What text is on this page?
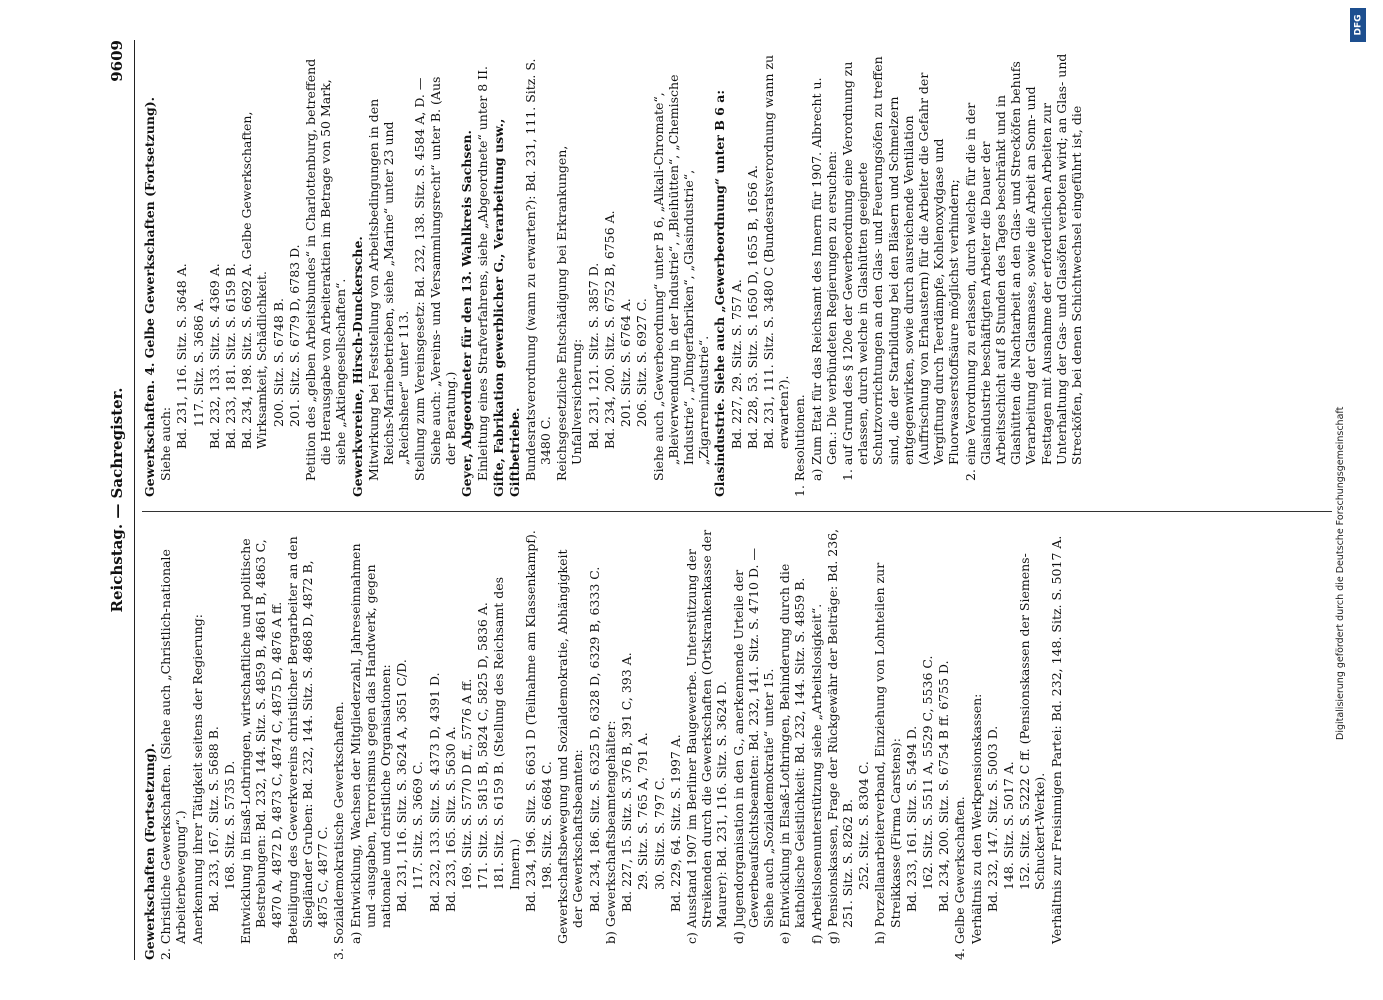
Reichstag. — Sachregister.
9609
Gewerkschaften (Fortsetzung). 2. Christliche Gewerkschaften. (Siehe auch „Christlich-nationale Arbeiterbewegung“.) Anerkennung ihrer Tätigkeit seitens der Regierung: Bd. 233, 167. Sitz. S. 5688 B. 168. Sitz. S. 5735 D. Entwicklung in Elsaß-Lothringen, wirtschaftliche und politische Bestrebungen: Bd. 232, 144. Sitz. S. 4859 B, 4861 B, 4863 C, 4870 A, 4872 D, 4873 C, 4874 C, 4875 D, 4876 A ff. Beteiligung des Gewerkvereins christlicher Bergarbeiter an den Siegländer Gruben: Bd. 232, 144. Sitz. S. 4868 D, 4872 B, 4875 C, 4877 C. 3. Sozialdemokratische Gewerkschaften. a) Entwicklung, Wachsen der Mitgliederzahl, Jahreseinnahmen und -ausgaben, Terrorismus gegen das Handwerk, gegen nationale und christliche Organisationen: Bd. 231, 116. Sitz. S. 3624 A, 3651 C/D. 117. Sitz. S. 3669 C. Bd. 232, 133. Sitz. S. 4373 D, 4391 D. Bd. 233, 165. Sitz. S. 5630 A. 169. Sitz. S. 5770 D ff., 5776 A ff. 171. Sitz. S. 5815 B, 5824 C, 5825 D, 5836 A. 181. Sitz. S. 6159 B. (Stellung des Reichsamt des Innern.) Bd. 234, 196. Sitz. S. 6631 D (Teilnahme am Klassenkampf). 198. Sitz. S. 6684 C. Gewerkschaftsbewegung und Sozialdemokratie, Abhängigkeit der Gewerkschaftsbeamten: Bd. 234, 186. Sitz. S. 6325 D, 6328 D, 6329 B, 6333 C. b) Gewerkschaftsbeamtengehälter: Bd. 227, 15. Sitz. S. 376 B, 391 C, 393 A. 29. Sitz. S. 765 A, 791 A. 30. Sitz. S. 797 C. Bd. 229, 64. Sitz. S. 1997 A. c) Ausstand 1907 im Berliner Baugewerbe. Unterstützung der Streikenden durch die Gewerkschaften (Ortskrankenkasse der Maurer): Bd. 231, 116. Sitz. S. 3624 D. d) Jugendorganisation in den G., anerkennende Urteile der Gewerbeaufsichtsbeamten: Bd. 232, 141. Sitz. S. 4710 D. — Siehe auch „Sozialdemokratie“ unter 15. e) Entwicklung in Elsaß-Lothringen, Behinderung durch die katholische Geistlichkeit: Bd. 232, 144. Sitz. S. 4859 B. f) Arbeitslosenunterstützung siehe „Arbeitslosigkeit“. g) Pensionskassen, Frage der Rückgewähr der Beiträge: Bd. 236, 251. Sitz. S. 8262 B. 252. Sitz. S. 8304 C. h) Porzellanarbeiterverband, Einziehung von Lohnteilen zur Streikkasse (Firma Carstens): Bd. 233, 161. Sitz. S. 5494 D. 162. Sitz. S. 5511 A, 5529 C, 5536 C. Bd. 234, 200. Sitz. S. 6754 B ff. 6755 D. 4. Gelbe Gewerkschaften. Verhältnis zu den Werkpensionskassen: Bd. 232, 147. Sitz. S. 5003 D. 148. Sitz. S. 5017 A. 152. Sitz. S. 5222 C ff. (Pensionskassen der Siemens-Schuckert-Werke). Verhältnis zur Freisinnigen Partei: Bd. 232, 148. Sitz. S. 5017 A.
Gewerkschaften. 4. Gelbe Gewerkschaften (Fortsetzung). Siehe auch: Bd. 231, 116. Sitz. S. 3648 A. 117. Sitz. S. 3686 A. Bd. 232, 133. Sitz. S. 4369 A. Bd. 233, 181. Sitz. S. 6159 B. Bd. 234, 198. Sitz. S. 6692 A. Gelbe Gewerkschaften, Wirksamkeit, Schädlichkeit. 200. Sitz. S. 6748 B. 201. Sitz. S. 6779 D, 6783 D. Petition des „gelben Arbeitsbundes“ in Charlottenburg, betreffend die Herausgabe von Arbeiteraktien im Betrage von 50 Mark, siehe „Aktiengesellschaften“. Gewerkvereine, Hirsch-Dunckersche. Mitwirkung bei Feststellung von Arbeitsbedingungen in den Reichs-Marinebetrieben, siehe „Marine“ unter 23 und „Reichsheer“ unter 113. Stellung zum Vereinsgesetz: Bd. 232, 138. Sitz. S. 4584 A, D. — Siehe auch: „Vereins- und Versammlungsrecht“ unter B. (Aus der Beratung.) Geyer, Abgeordneter für den 13. Wahlkreis Sachsen. Einleitung eines Strafverfahrens, siehe „Abgeordnete“ unter 8 II. Gifte, Fabrikation gewerblicher G., Verarbeitung usw., Giftbetriebe. Bundesratsverordnung (wann zu erwarten?): Bd. 231, 111. Sitz. S. 3480 C. Reichsgesetzliche Entschädigung bei Erkrankungen, Unfallversicherung: Bd. 231, 121. Sitz. S. 3857 D. Bd. 234, 200. Sitz. S. 6752 B, 6756 A. 201. Sitz. S. 6764 A. 206. Sitz. S. 6927 C. Siehe auch „Gewerbeordnung“ unter B 6, „Alkali-Chromate“, „Bleiverwendung in der Industrie“, „Bleihütten“, „Chemische Industrie“, „Düngerfabriken“, „Glasindustrie“, „Zigarrenindustrie“. Glasindustrie. Siehe auch „Gewerbeordnung“ unter B 6 a: Bd. 227, 29. Sitz. S. 757 A. Bd. 228, 53. Sitz. S. 1650 D, 1655 B, 1656 A. Bd. 231, 111. Sitz. S. 3480 C (Bundesratsverordnung wann zu erwarten?). 1. Resolutionen. a) Zum Etat für das Reichsamt des Innern für 1907. Albrecht u. Gen.: Die verbündeten Regierungen zu ersuchen: 1. auf Grund des § 120e der Gewerbeordnung eine Verordnung zu erlassen, durch welche in Glashütten geeignete Schutzvorrichtungen an den Glas- und Feuerungsöfen zu treffen sind, die der Starbildung bei den Bläsern und Schmelzern entgegenwirken, sowie durch ausreichende Ventilation (Auffrischung von Erhaustern) für die Arbeiter die Gefahr der Vergiftung durch Teerdämpfe, Kohlenoxydgase und Fluorwasserstoffsäure möglichst verhindern; 2. eine Verordnung zu erlassen, durch welche für die in der Glasindustrie beschäftigten Arbeiter die Dauer der Arbeitsschicht auf 8 Stunden des Tages beschränkt und in Glashütten die Nachtarbeit an den Glas- und Strecköfen behufs Verarbeitung der Glasmasse, sowie die Arbeit an Sonn- und Festtagen mit Ausnahme der erforderlichen Arbeiten zur Unterhaltung der Gas- und Glasöfen verboten wird; an Glas- und Strecköfen, bei denen Schichtwechsel eingeführt ist, die
Digitalisierung gefördert durch die Deutsche Forschungsgemeinschaft
DFG
